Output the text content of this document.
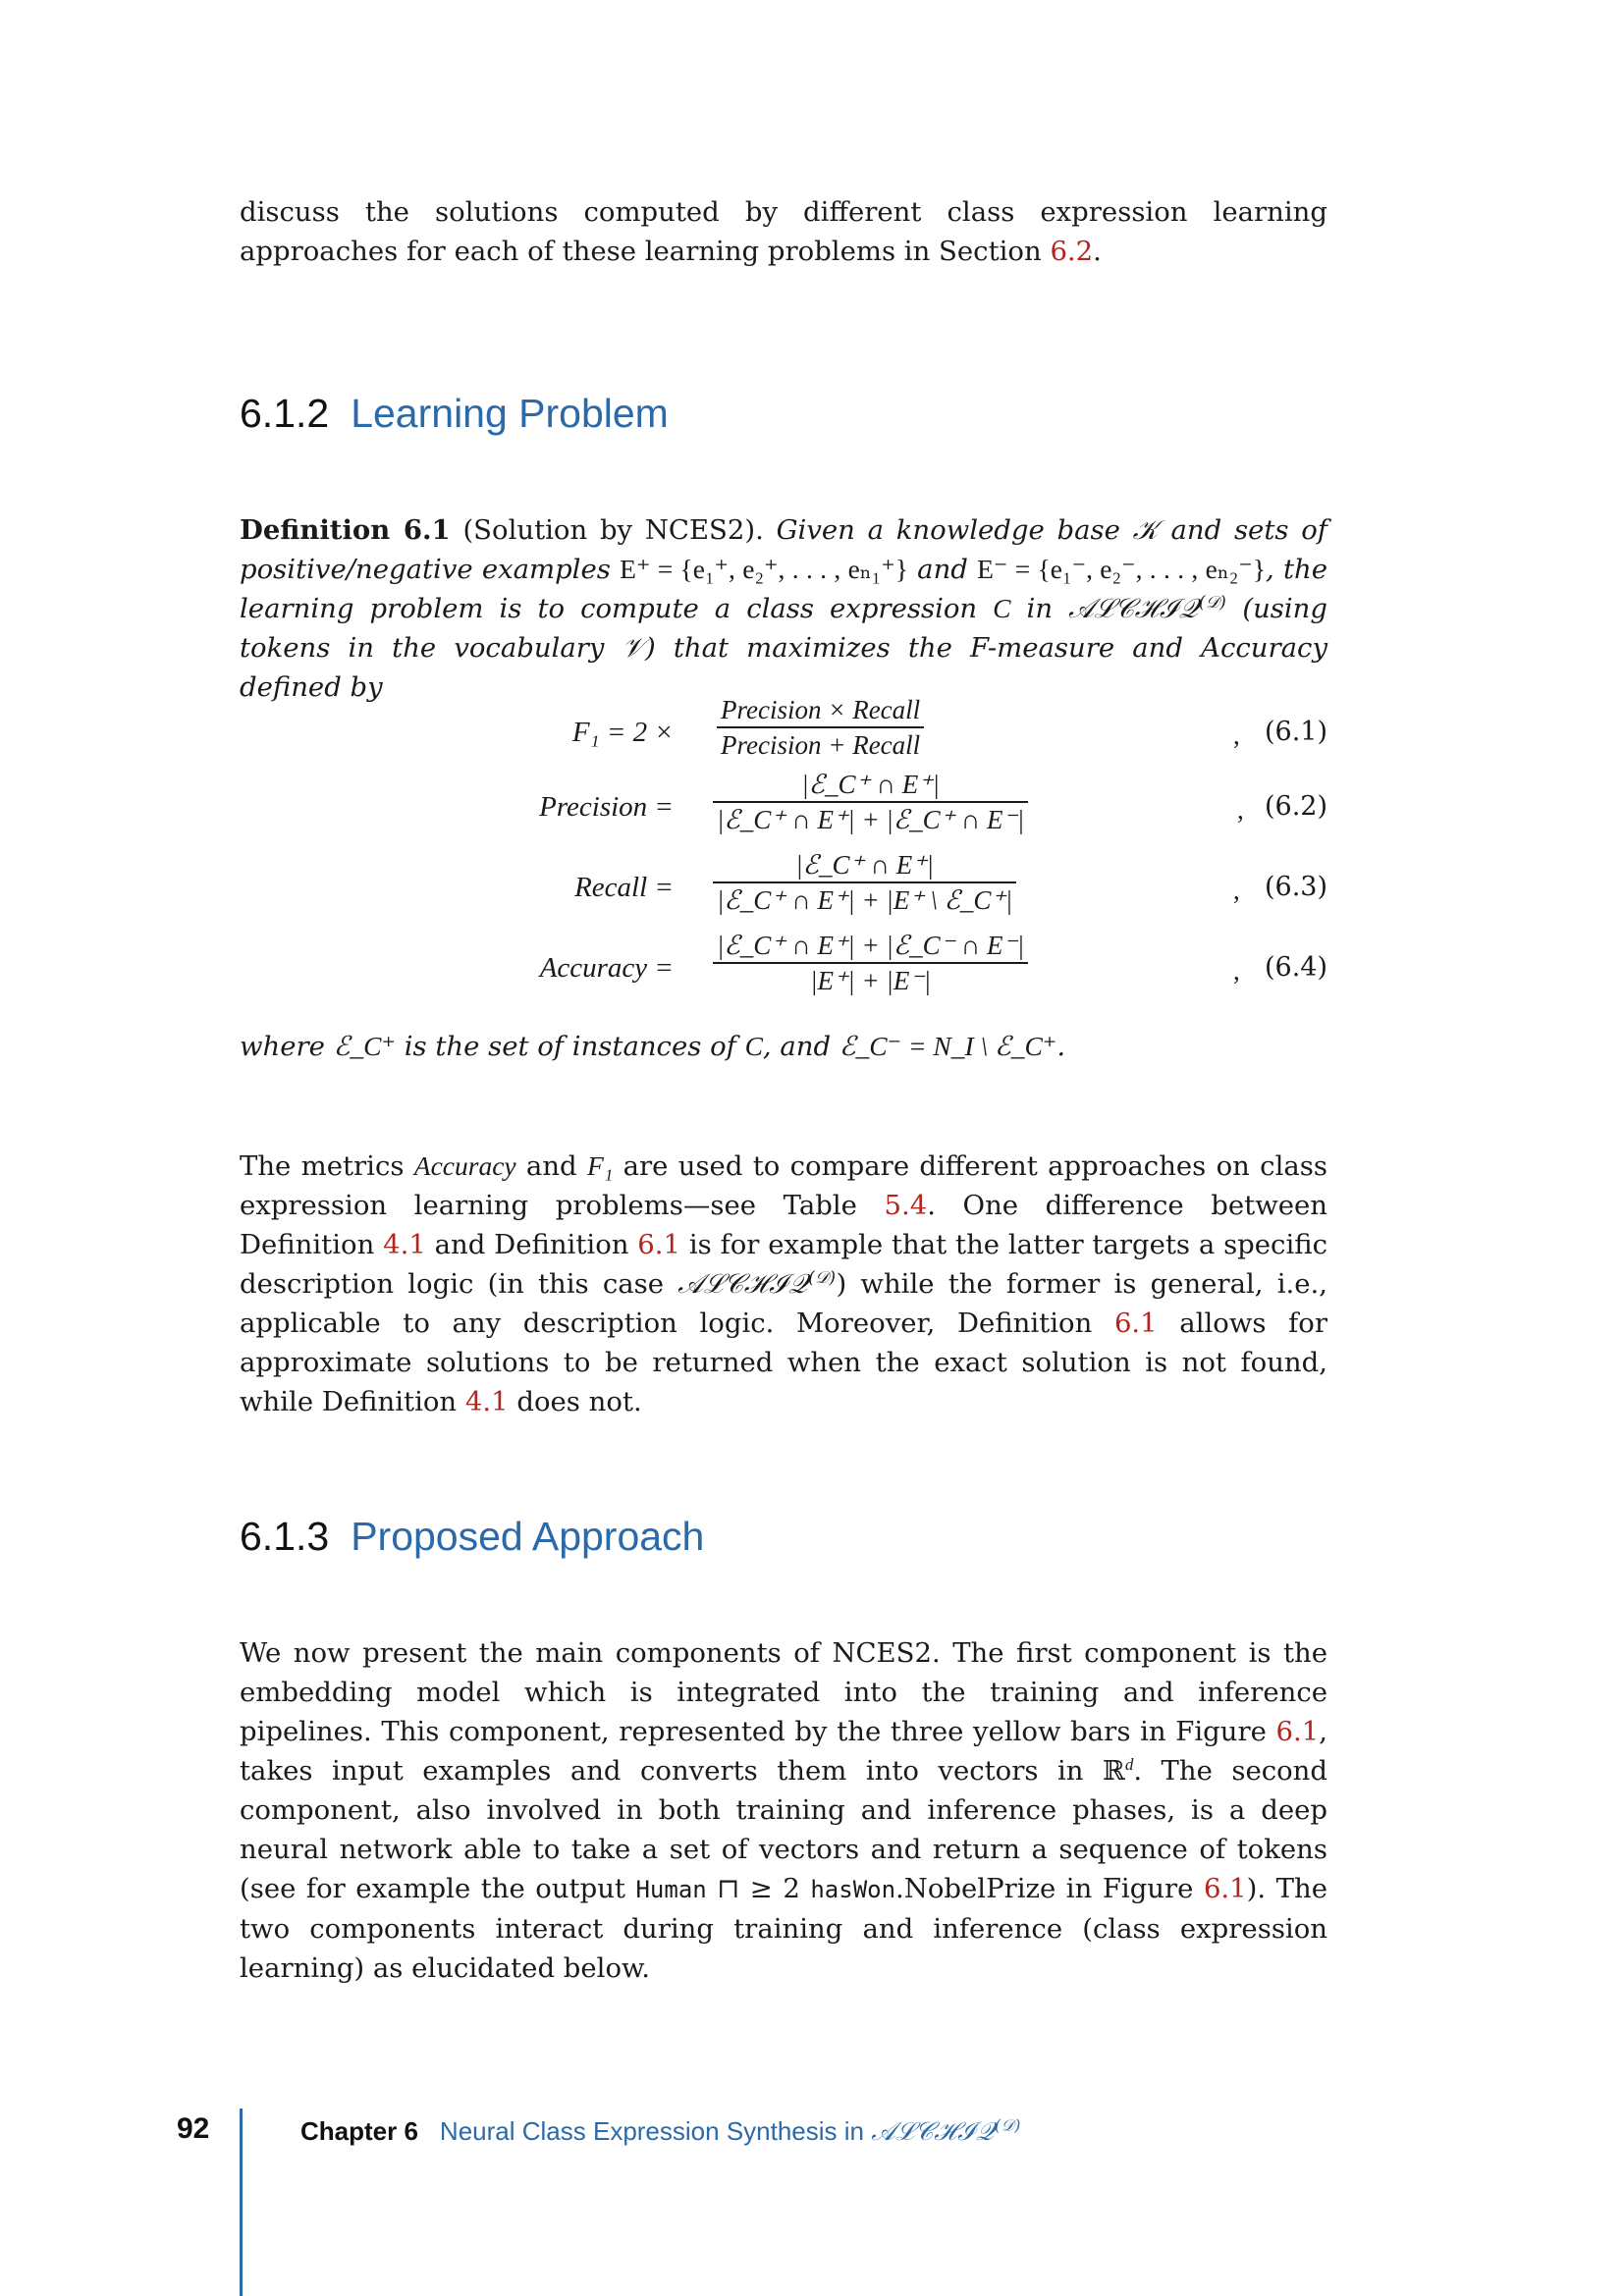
discuss the solutions computed by different class expression learning approaches for each of these learning problems in Section 6.2.

6.1.2 Learning Problem

Definition 6.1 (Solution by NCES2). Given a knowledge base 𝒦 and sets of positive/negative examples E⁺ = {e₁⁺, e₂⁺, . . . , eₙ₁⁺} and E⁻ = {e₁⁻, e₂⁻, . . . , eₙ₂⁻}, the learning problem is to compute a class expression C in 𝒜ℒ𝒞ℋℐ𝒬$^{(𝒟)}$ (using tokens in the vocabulary 𝒱) that maximizes the F-measure and Accuracy defined by

F₁ = 2 ×
Precision × Recall
Precision + Recall	, (6.1)
Precision =
|ℰ_C⁺ ∩ E⁺|
|ℰ_C⁺ ∩ E⁺| + |ℰ_C⁺ ∩ E⁻|	, (6.2)
Recall =
|ℰ_C⁺ ∩ E⁺|
|ℰ_C⁺ ∩ E⁺| + |E⁺ \ ℰ_C⁺|	, (6.3)
Accuracy =
|ℰ_C⁺ ∩ E⁺| + |ℰ_C⁻ ∩ E⁻|
|E⁺| + |E⁻|	, (6.4)

where ℰ_C⁺ is the set of instances of C, and ℰ_C⁻ = N_I \ ℰ_C⁺.

The metrics Accuracy and F₁ are used to compare different approaches on class expression learning problems—see Table 5.4. One difference between Definition 4.1 and Definition 6.1 is for example that the latter targets a specific description logic (in this case 𝒜ℒ𝒞ℋℐ𝒬$^{(𝒟)}$) while the former is general, i.e., applicable to any description logic. Moreover, Definition 6.1 allows for approximate solutions to be returned when the exact solution is not found, while Definition 4.1 does not.

6.1.3 Proposed Approach

We now present the main components of NCES2. The first component is the embedding model which is integrated into the training and inference pipelines. This component, represented by the three yellow bars in Figure 6.1, takes input examples and converts them into vectors in ℝ$^d$. The second component, also involved in both training and inference phases, is a deep neural network able to take a set of vectors and return a sequence of tokens (see for example the output Human ⊓ ≥ 2 hasWon.NobelPrize in Figure 6.1). The two components interact during training and inference (class expression learning) as elucidated below.

92	Chapter 6 Neural Class Expression Synthesis in 𝒜ℒ𝒞ℋℐ𝒬$^{(𝒟)}$
